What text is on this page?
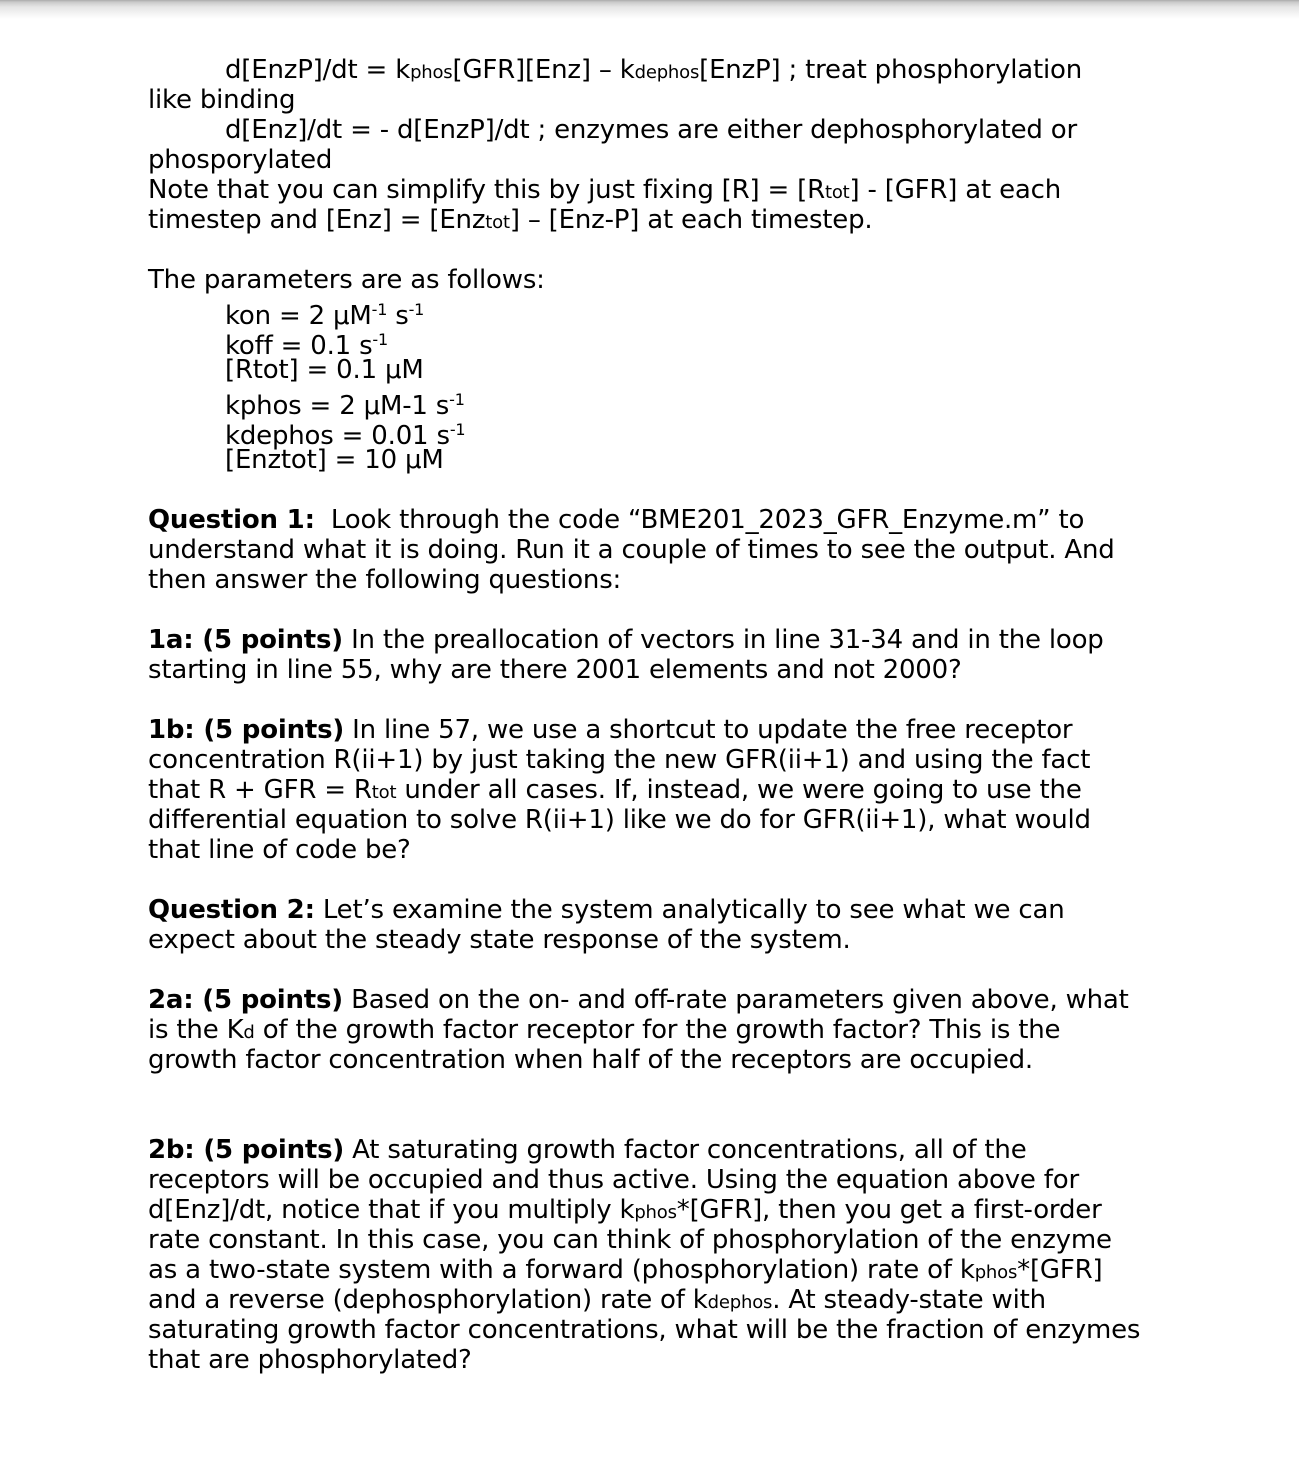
d[EnzP]/dt = kphos[GFR][Enz] – kdephos[EnzP] ; treat phosphorylation
like binding
d[Enz]/dt = - d[EnzP]/dt ; enzymes are either dephosphorylated or
phosporylated
Note that you can simplify this by just fixing [R] = [Rtot] - [GFR] at each
timestep and [Enz] = [Enztot] – [Enz-P] at each timestep.
The parameters are as follows:
kon = 2 $\mu M^{-1}$ $s^{-1}$
koff = 0.1 $s^{-1}$
[Rtot] = 0.1 μM
kphos = 2 μM-1 $s^{-1}$
kdephos = 0.01 $s^{-1}$
[Enztot] = 10 μM
Question 1:  Look through the code “BME201_2023_GFR_Enzyme.m” to
understand what it is doing. Run it a couple of times to see the output. And
then answer the following questions:
1a: (5 points) In the preallocation of vectors in line 31-34 and in the loop
starting in line 55, why are there 2001 elements and not 2000?
1b: (5 points) In line 57, we use a shortcut to update the free receptor
concentration R(ii+1) by just taking the new GFR(ii+1) and using the fact
that R + GFR = Rtot under all cases. If, instead, we were going to use the
differential equation to solve R(ii+1) like we do for GFR(ii+1), what would
that line of code be?
Question 2: Let’s examine the system analytically to see what we can
expect about the steady state response of the system.
2a: (5 points) Based on the on- and off-rate parameters given above, what
is the Kd of the growth factor receptor for the growth factor? This is the
growth factor concentration when half of the receptors are occupied.
2b: (5 points) At saturating growth factor concentrations, all of the
receptors will be occupied and thus active. Using the equation above for
d[Enz]/dt, notice that if you multiply kphos*[GFR], then you get a first-order
rate constant. In this case, you can think of phosphorylation of the enzyme
as a two-state system with a forward (phosphorylation) rate of kphos*[GFR]
and a reverse (dephosphorylation) rate of kdephos. At steady-state with
saturating growth factor concentrations, what will be the fraction of enzymes
that are phosphorylated?
